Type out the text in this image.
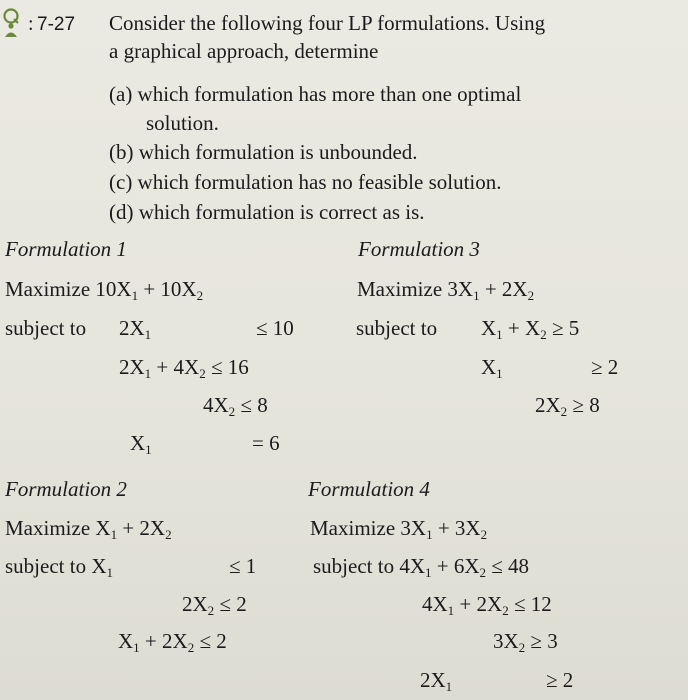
: 7-27 Consider the following four LP formulations. Using
a graphical approach, determine
(a) which formulation has more than one optimal
solution.
(b) which formulation is unbounded.
(c) which formulation has no feasible solution.
(d) which formulation is correct as is.
Formulation 1
Maximize $10X_1 + 10X_2$
subject to $2X_1$	≤ 10
$2X_1 + 4X_2 \le 16$
$4X_2 \le 8$
$X_1$	= 6
Formulation 3
Maximize $3X_1 + 2X_2$
subject to $X_1 + X_2 \ge 5$
$X_1$	≥ 2
$2X_2 \ge 8$
Formulation 2
Maximize $X_1 + 2X_2$
subject to $X_1$	≤ 1
$2X_2 \le 2$
$X_1 + 2X_2 \le 2$
Formulation 4
Maximize $3X_1 + 3X_2$
subject to $4X_1 + 6X_2 \le 48$
$4X_1 + 2X_2 \le 12$
$3X_2 \ge 3$
$2X_1$	≥ 2
